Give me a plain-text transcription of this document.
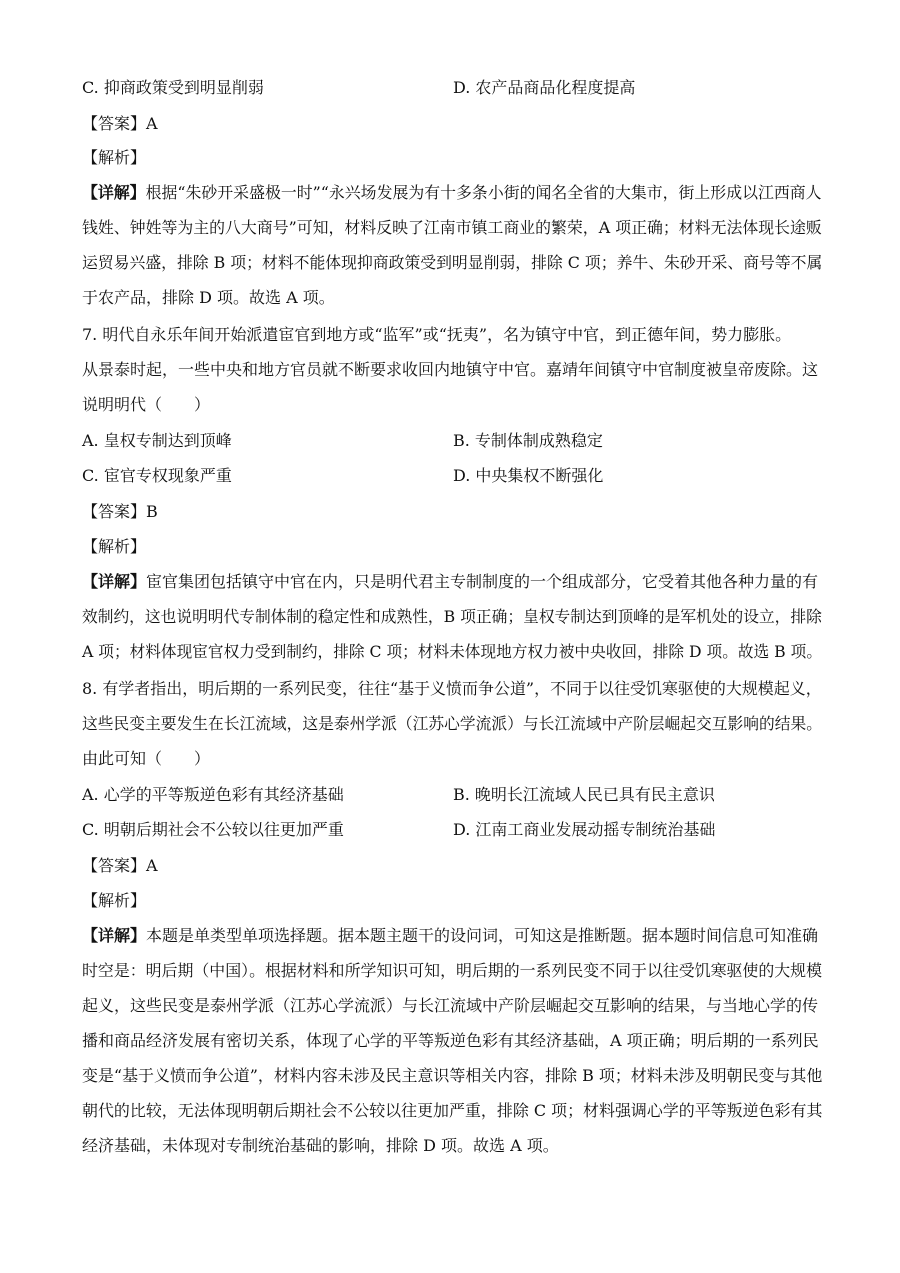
C. 抑商政策受到明显削弱	D. 农产品商品化程度提高
【答案】A
【解析】
【详解】根据“朱砂开采盛极一时”“永兴场发展为有十多条小街的闻名全省的大集市，街上形成以江西商人
钱姓、钟姓等为主的八大商号”可知，材料反映了江南市镇工商业的繁荣，A 项正确；材料无法体现长途贩
运贸易兴盛，排除 B 项；材料不能体现抑商政策受到明显削弱，排除 C 项；养牛、朱砂开采、商号等不属
于农产品，排除 D 项。故选 A 项。
7. 明代自永乐年间开始派遣宦官到地方或“监军”或“抚夷”，名为镇守中官，到正德年间，势力膨胀。
从景泰时起，一些中央和地方官员就不断要求收回内地镇守中官。嘉靖年间镇守中官制度被皇帝废除。这
说明明代（　　）
A. 皇权专制达到顶峰	B. 专制体制成熟稳定
C. 宦官专权现象严重	D. 中央集权不断强化
【答案】B
【解析】
【详解】宦官集团包括镇守中官在内，只是明代君主专制制度的一个组成部分，它受着其他各种力量的有
效制约，这也说明明代专制体制的稳定性和成熟性，B 项正确；皇权专制达到顶峰的是军机处的设立，排除
A 项；材料体现宦官权力受到制约，排除 C 项；材料未体现地方权力被中央收回，排除 D 项。故选 B 项。
8. 有学者指出，明后期的一系列民变，往往“基于义愤而争公道”，不同于以往受饥寒驱使的大规模起义，
这些民变主要发生在长江流域，这是泰州学派（江苏心学流派）与长江流域中产阶层崛起交互影响的结果。
由此可知（　　）
A. 心学的平等叛逆色彩有其经济基础	B. 晚明长江流域人民已具有民主意识
C. 明朝后期社会不公较以往更加严重	D. 江南工商业发展动摇专制统治基础
【答案】A
【解析】
【详解】本题是单类型单项选择题。据本题主题干的设问词，可知这是推断题。据本题时间信息可知准确
时空是：明后期（中国）。根据材料和所学知识可知，明后期的一系列民变不同于以往受饥寒驱使的大规模
起义，这些民变是泰州学派（江苏心学流派）与长江流域中产阶层崛起交互影响的结果，与当地心学的传
播和商品经济发展有密切关系，体现了心学的平等叛逆色彩有其经济基础，A 项正确；明后期的一系列民
变是“基于义愤而争公道”，材料内容未涉及民主意识等相关内容，排除 B 项；材料未涉及明朝民变与其他
朝代的比较，无法体现明朝后期社会不公较以往更加严重，排除 C 项；材料强调心学的平等叛逆色彩有其
经济基础，未体现对专制统治基础的影响，排除 D 项。故选 A 项。
